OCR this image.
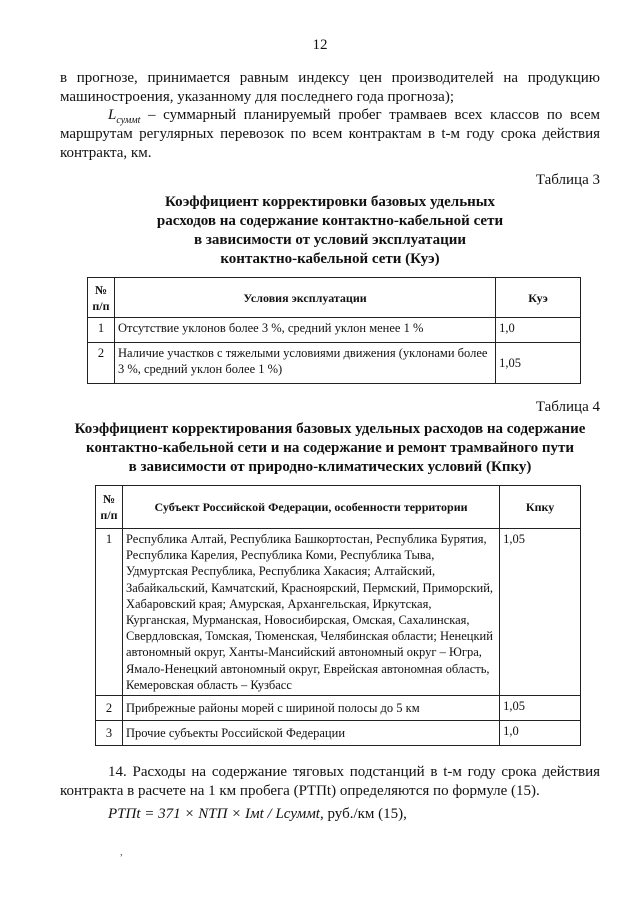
12
в прогнозе, принимается равным индексу цен производителей на продукцию
машиностроения, указанному для последнего года прогноза);
$L_{суммt}$ – суммарный планируемый пробег трамваев всех классов по всем
маршрутам регулярных перевозок по всем контрактам в t-м году срока действия
контракта, км.
Таблица 3
Коэффициент корректировки базовых удельных
расходов на содержание контактно-кабельной сети
в зависимости от условий эксплуатации
контактно-кабельной сети (Куэ)
№ п/п	Условия эксплуатации	Куэ
1	Отсутствие уклонов более 3 %, средний уклон менее 1 %	1,0
2	Наличие участков с тяжелыми условиями движения (уклонами более 3 %, средний уклон более 1 %)	1,05
Таблица 4
Коэффициент корректирования базовых удельных расходов на содержание
контактно-кабельной сети и на содержание и ремонт трамвайного пути
в зависимости от природно-климатических условий (Кпку)
№ п/п	Субъект Российской Федерации, особенности территории	Кпку
1	Республика Алтай, Республика Башкортостан, Республика Бурятия, Республика Карелия, Республика Коми, Республика Тыва, Удмуртская Республика, Республика Хакасия; Алтайский, Забайкальский, Камчатский, Красноярский, Пермский, Приморский, Хабаровский края; Амурская, Архангельская, Иркутская, Курганская, Мурманская, Новосибирская, Омская, Сахалинская, Свердловская, Томская, Тюменская, Челябинская области; Ненецкий автономный округ, Ханты-Мансийский автономный округ – Югра, Ямало-Ненецкий автономный округ, Еврейская автономная область, Кемеровская область – Кузбасс	1,05
2	Прибрежные районы морей с шириной полосы до 5 км	1,05
3	Прочие субъекты Российской Федерации	1,0
14. Расходы на содержание тяговых подстанций в t-м году срока действия
контракта в расчете на 1 км пробега (PТПt) определяются по формуле (15).
PТПt = 371 × NТП × Iмt / Lсуммt, руб./км (15),
,
